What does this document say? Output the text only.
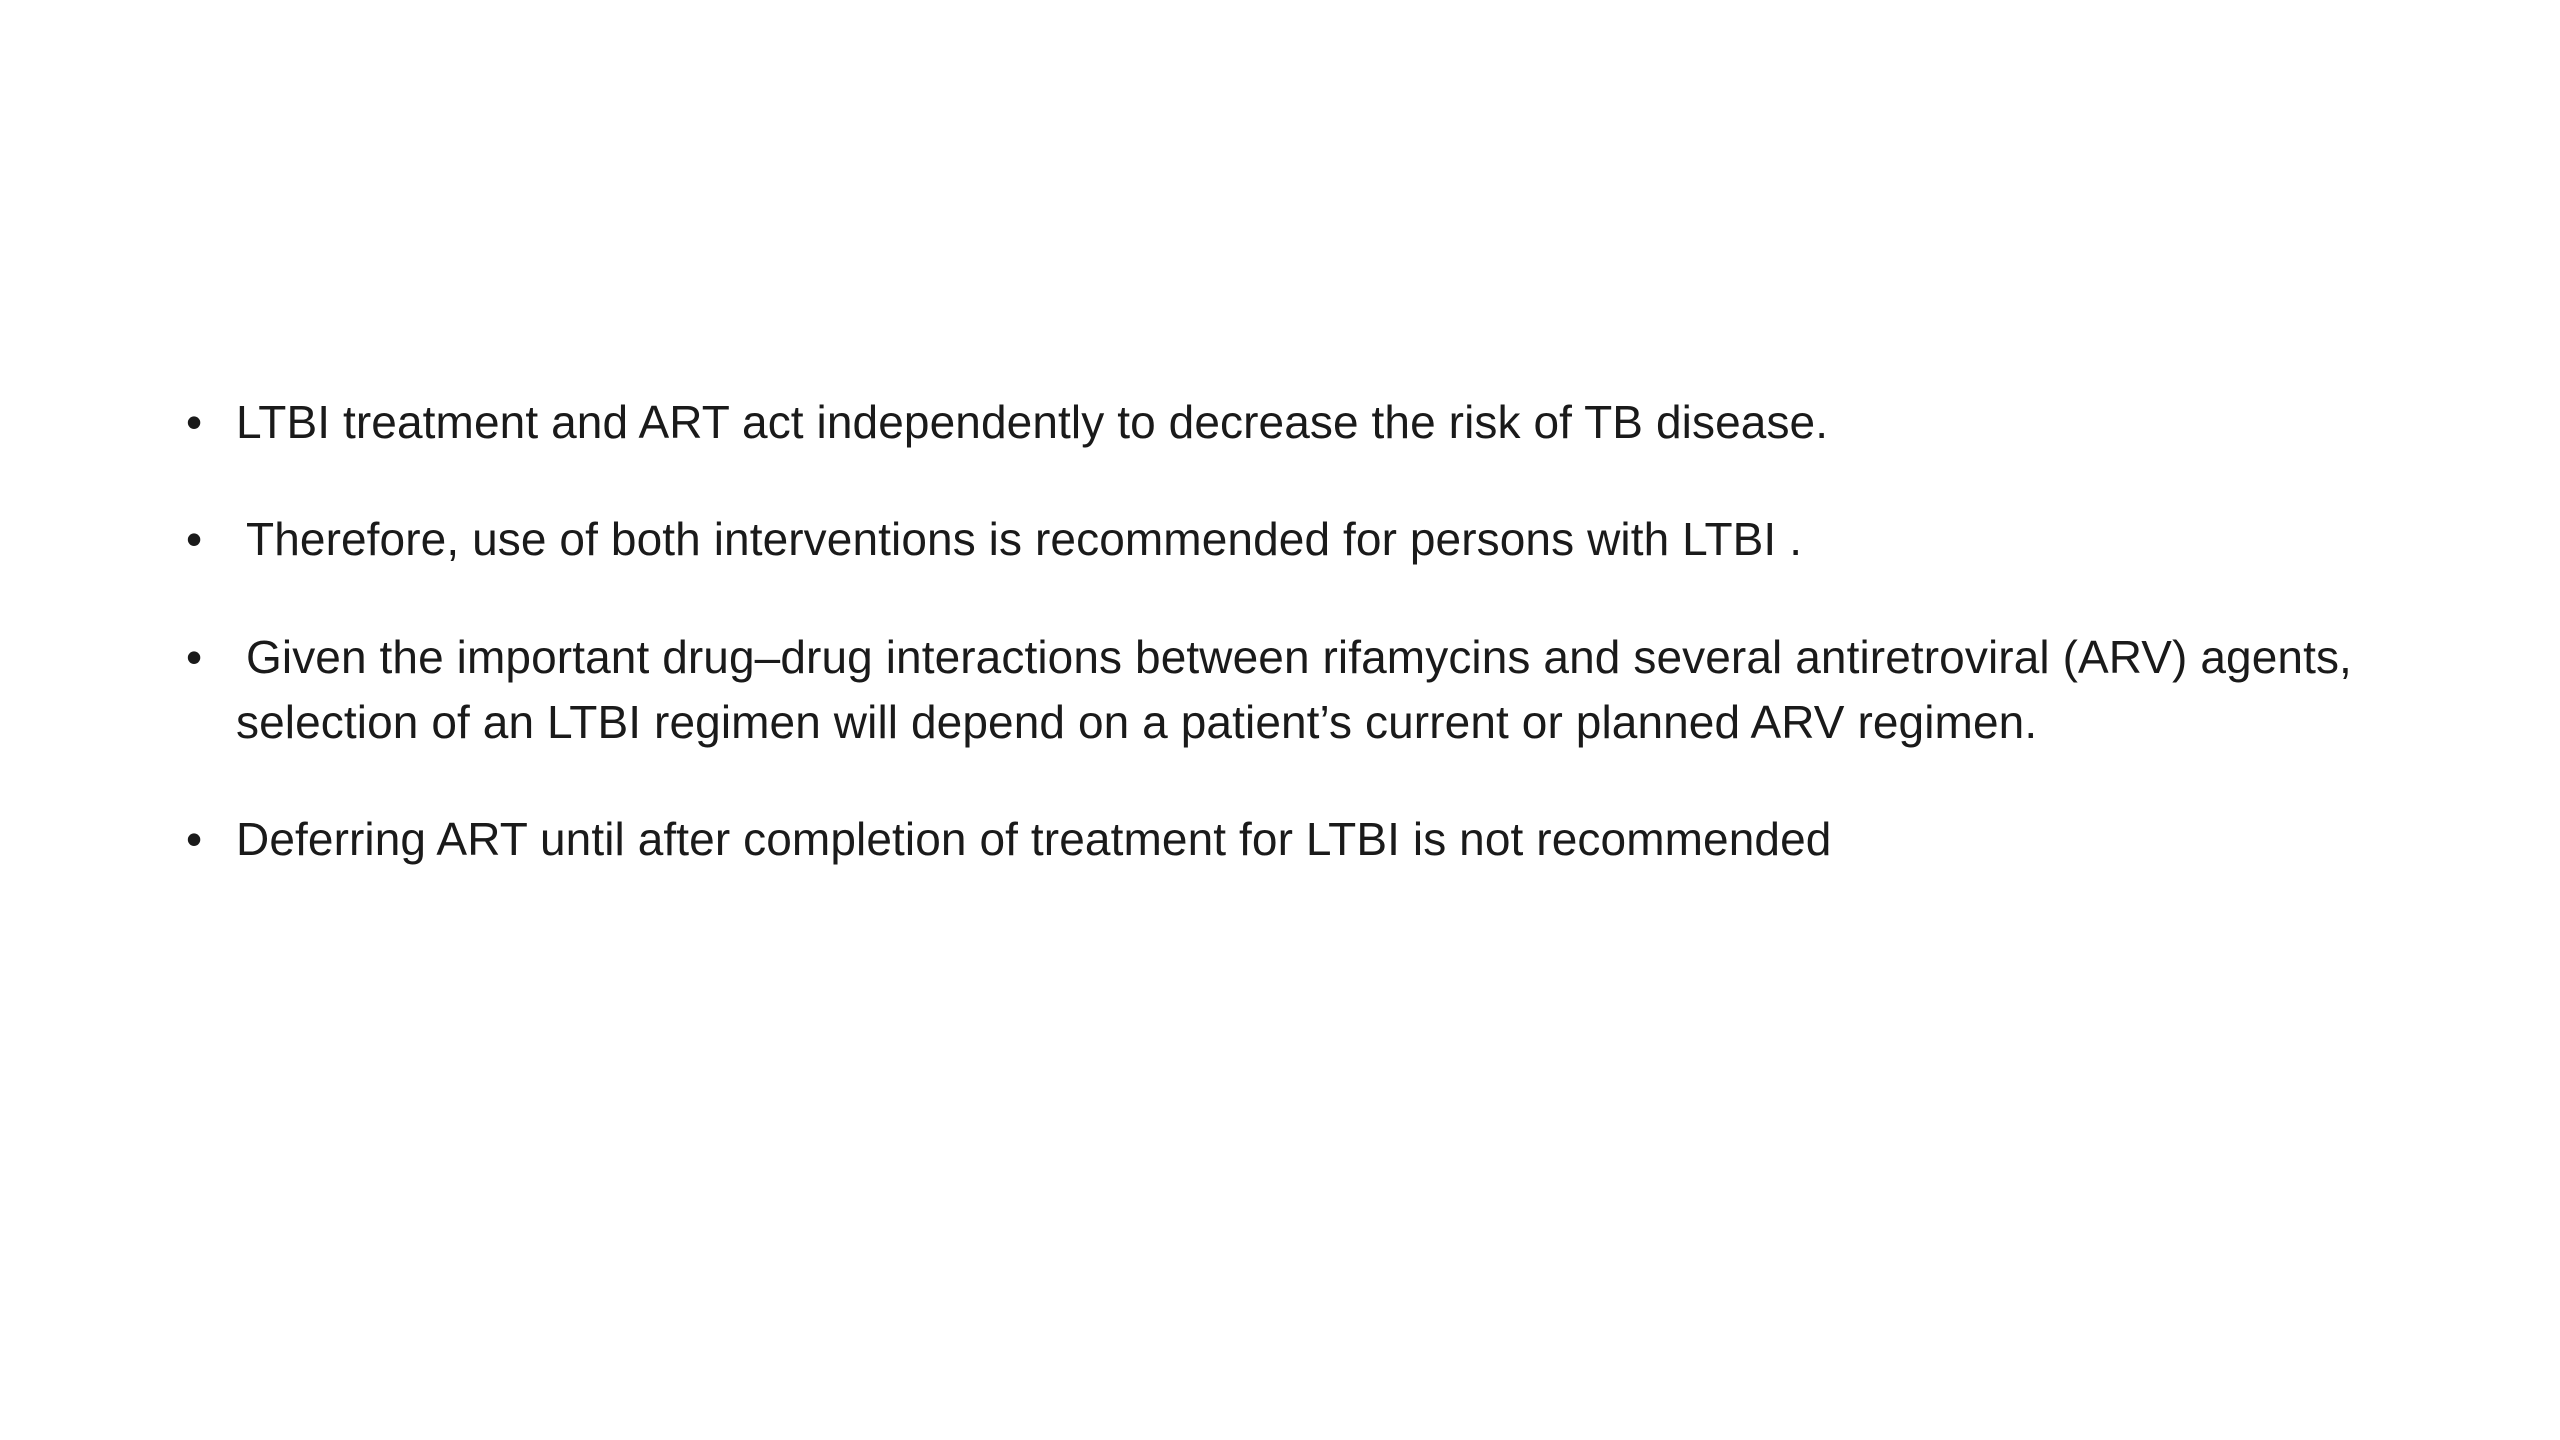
• LTBI treatment and ART act independently to decrease the risk of TB disease.
• Therefore, use of both interventions is recommended for persons with LTBI .
• Given the important drug–drug interactions between rifamycins and several antiretroviral (ARV) agents, selection of an LTBI regimen will depend on a patient’s current or planned ARV regimen.
• Deferring ART until after completion of treatment for LTBI is not recommended
